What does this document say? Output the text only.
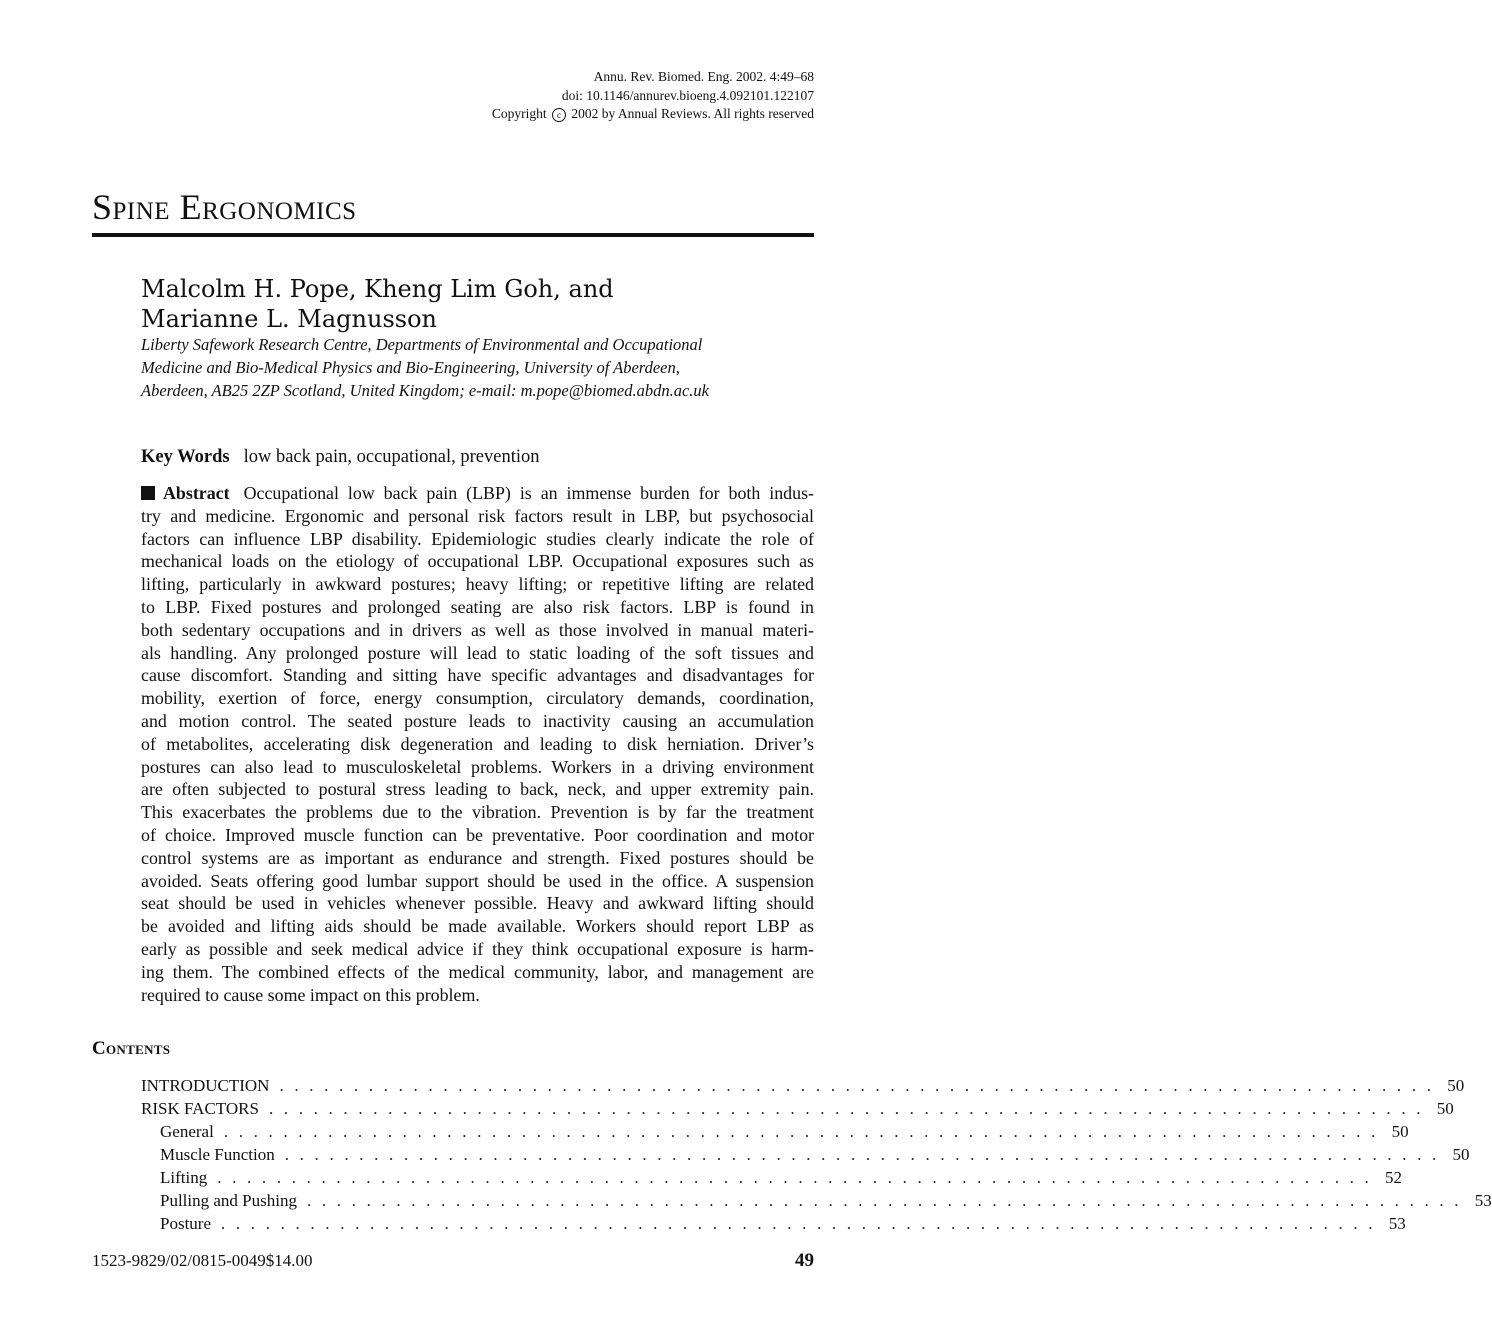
Annu. Rev. Biomed. Eng. 2002. 4:49–68
doi: 10.1146/annurev.bioeng.4.092101.122107
Copyright c 2002 by Annual Reviews. All rights reserved
Spine Ergonomics
Malcolm H. Pope, Kheng Lim Goh, and
Marianne L. Magnusson
Liberty Safework Research Centre, Departments of Environmental and Occupational
Medicine and Bio-Medical Physics and Bio-Engineering, University of Aberdeen,
Aberdeen, AB25 2ZP Scotland, United Kingdom; e-mail: m.pope@biomed.abdn.ac.uk
Key Words low back pain, occupational, prevention
Abstract Occupational low back pain (LBP) is an immense burden for both indus-
try and medicine. Ergonomic and personal risk factors result in LBP, but psychosocial
factors can influence LBP disability. Epidemiologic studies clearly indicate the role of
mechanical loads on the etiology of occupational LBP. Occupational exposures such as
lifting, particularly in awkward postures; heavy lifting; or repetitive lifting are related
to LBP. Fixed postures and prolonged seating are also risk factors. LBP is found in
both sedentary occupations and in drivers as well as those involved in manual materi-
als handling. Any prolonged posture will lead to static loading of the soft tissues and
cause discomfort. Standing and sitting have specific advantages and disadvantages for
mobility, exertion of force, energy consumption, circulatory demands, coordination,
and motion control. The seated posture leads to inactivity causing an accumulation
of metabolites, accelerating disk degeneration and leading to disk herniation. Driver’s
postures can also lead to musculoskeletal problems. Workers in a driving environment
are often subjected to postural stress leading to back, neck, and upper extremity pain.
This exacerbates the problems due to the vibration. Prevention is by far the treatment
of choice. Improved muscle function can be preventative. Poor coordination and motor
control systems are as important as endurance and strength. Fixed postures should be
avoided. Seats offering good lumbar support should be used in the office. A suspension
seat should be used in vehicles whenever possible. Heavy and awkward lifting should
be avoided and lifting aids should be made available. Workers should report LBP as
early as possible and seek medical advice if they think occupational exposure is harm-
ing them. The combined effects of the medical community, labor, and management are
required to cause some impact on this problem.
Contents
INTRODUCTION . . . . . . . . . . . . . . . . . . . . . . . . . . . . . . . . . . . . . . . . . . . . . . . . . . . . . . . . . . . . . . . . . . . . . . . . . . . . . . 50
RISK FACTORS . . . . . . . . . . . . . . . . . . . . . . . . . . . . . . . . . . . . . . . . . . . . . . . . . . . . . . . . . . . . . . . . . . . . . . . . . . . . . . 50
General . . . . . . . . . . . . . . . . . . . . . . . . . . . . . . . . . . . . . . . . . . . . . . . . . . . . . . . . . . . . . . . . . . . . . . . . . . . . . . 50
Muscle Function . . . . . . . . . . . . . . . . . . . . . . . . . . . . . . . . . . . . . . . . . . . . . . . . . . . . . . . . . . . . . . . . . . . . . . . . . . . . . . 50
Lifting . . . . . . . . . . . . . . . . . . . . . . . . . . . . . . . . . . . . . . . . . . . . . . . . . . . . . . . . . . . . . . . . . . . . . . . . . . . . . . 52
Pulling and Pushing . . . . . . . . . . . . . . . . . . . . . . . . . . . . . . . . . . . . . . . . . . . . . . . . . . . . . . . . . . . . . . . . . . . . . . . . . . . . . . 53
Posture . . . . . . . . . . . . . . . . . . . . . . . . . . . . . . . . . . . . . . . . . . . . . . . . . . . . . . . . . . . . . . . . . . . . . . . . . . . . . . 53
1523-9829/02/0815-0049$14.00	49
